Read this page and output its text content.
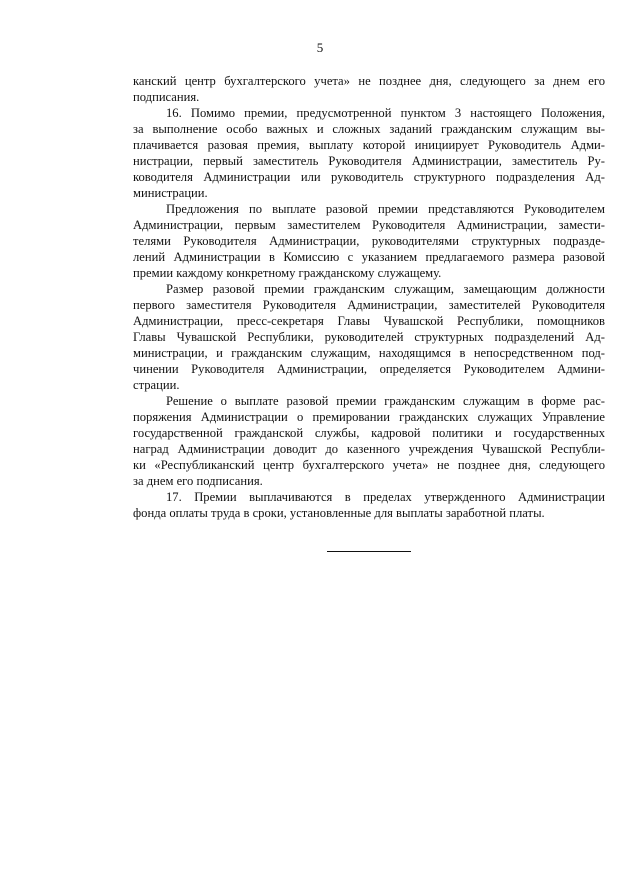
5
канский центр бухгалтерского учета» не позднее дня, следующего за днем его
подписания.
16. Помимо премии, предусмотренной пунктом 3 настоящего Положения,
за выполнение особо важных и сложных заданий гражданским служащим вы-
плачивается разовая премия, выплату которой инициирует Руководитель Адми-
нистрации, первый заместитель Руководителя Администрации, заместитель Ру-
ководителя Администрации или руководитель структурного подразделения Ад-
министрации.
Предложения по выплате разовой премии представляются Руководителем
Администрации, первым заместителем Руководителя Администрации, замести-
телями Руководителя Администрации, руководителями структурных подразде-
лений Администрации в Комиссию с указанием предлагаемого размера разовой
премии каждому конкретному гражданскому служащему.
Размер разовой премии гражданским служащим, замещающим должности
первого заместителя Руководителя Администрации, заместителей Руководителя
Администрации, пресс-секретаря Главы Чувашской Республики, помощников
Главы Чувашской Республики, руководителей структурных подразделений Ад-
министрации, и гражданским служащим, находящимся в непосредственном под-
чинении Руководителя Администрации, определяется Руководителем Админи-
страции.
Решение о выплате разовой премии гражданским служащим в форме рас-
поряжения Администрации о премировании гражданских служащих Управление
государственной гражданской службы, кадровой политики и государственных
наград Администрации доводит до казенного учреждения Чувашской Республи-
ки «Республиканский центр бухгалтерского учета» не позднее дня, следующего
за днем его подписания.
17. Премии выплачиваются в пределах утвержденного Администрации
фонда оплаты труда в сроки, установленные для выплаты заработной платы.
